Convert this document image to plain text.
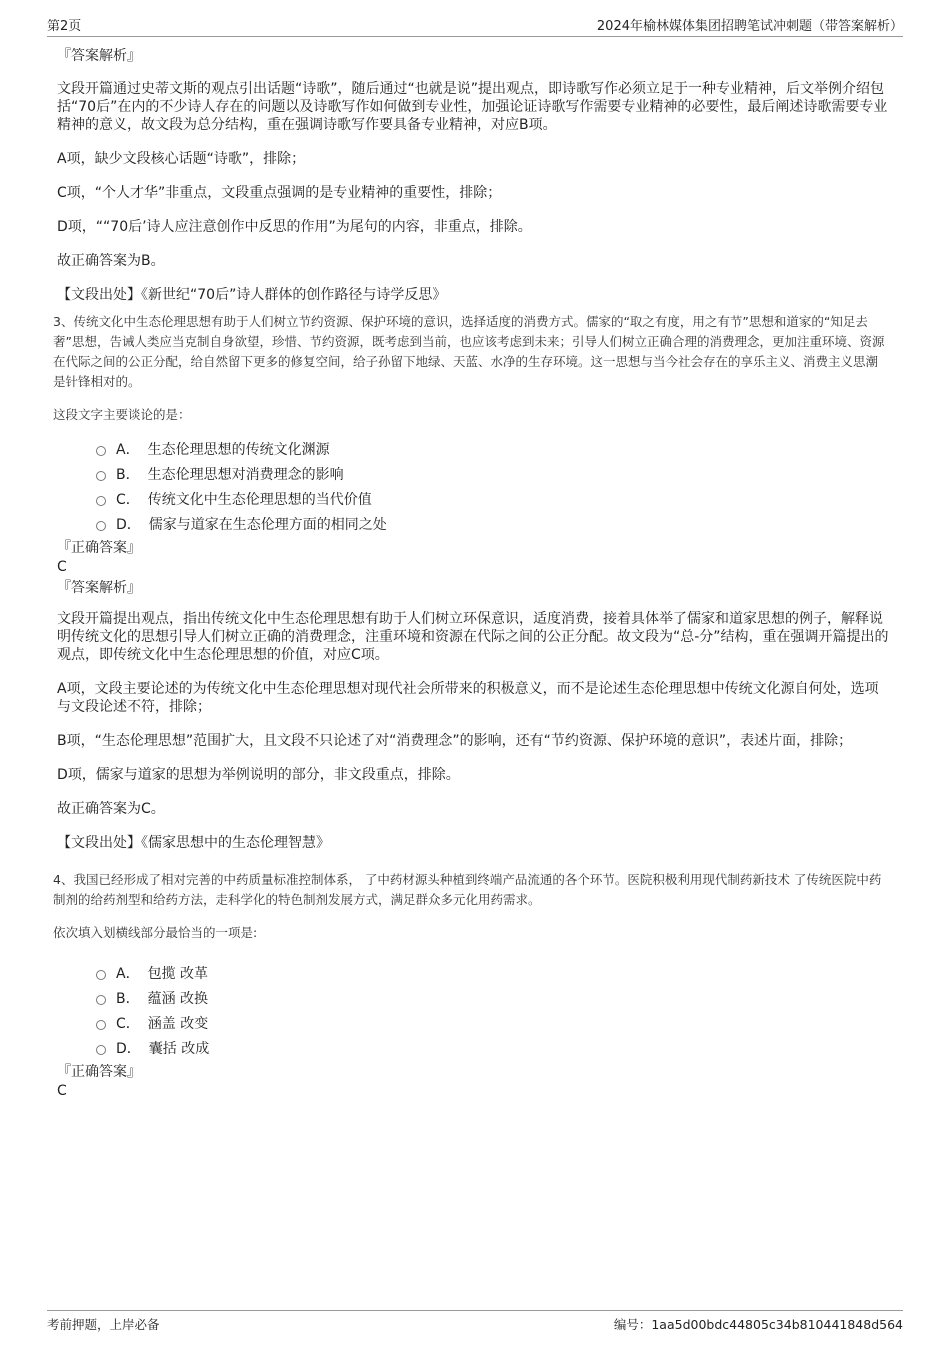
第2页	2024年榆林媒体集团招聘笔试冲刺题（带答案解析）

『答案解析』

文段开篇通过史蒂文斯的观点引出话题“诗歌”，随后通过“也就是说”提出观点，即诗歌写作必须立足于一种专业精神，后文举例介绍包括“70后”在内的不少诗人存在的问题以及诗歌写作如何做到专业性，加强论证诗歌写作需要专业精神的必要性，最后阐述诗歌需要专业精神的意义，故文段为总分结构，重在强调诗歌写作要具备专业精神，对应B项。

A项，缺少文段核心话题“诗歌”，排除；

C项，“个人才华”非重点，文段重点强调的是专业精神的重要性，排除；

D项，““70后’诗人应注意创作中反思的作用”为尾句的内容，非重点，排除。

故正确答案为B。

【文段出处】《新世纪“70后”诗人群体的创作路径与诗学反思》

3、传统文化中生态伦理思想有助于人们树立节约资源、保护环境的意识，选择适度的消费方式。儒家的“取之有度，用之有节”思想和道家的“知足去奢”思想，告诫人类应当克制自身欲望，珍惜、节约资源，既考虑到当前，也应该考虑到未来；引导人们树立正确合理的消费理念，更加注重环境、资源在代际之间的公正分配，给自然留下更多的修复空间，给子孙留下地绿、天蓝、水净的生存环境。这一思想与当今社会存在的享乐主义、消费主义思潮是针锋相对的。

这段文字主要谈论的是：

A． 生态伦理思想的传统文化渊源
B． 生态伦理思想对消费理念的影响
C． 传统文化中生态伦理思想的当代价值
D． 儒家与道家在生态伦理方面的相同之处

『正确答案』

C

『答案解析』

文段开篇提出观点，指出传统文化中生态伦理思想有助于人们树立环保意识，适度消费，接着具体举了儒家和道家思想的例子，解释说明传统文化的思想引导人们树立正确的消费理念，注重环境和资源在代际之间的公正分配。故文段为“总-分”结构，重在强调开篇提出的观点，即传统文化中生态伦理思想的价值，对应C项。

A项，文段主要论述的为传统文化中生态伦理思想对现代社会所带来的积极意义，而不是论述生态伦理思想中传统文化源自何处，选项与文段论述不符，排除；

B项，“生态伦理思想”范围扩大，且文段不只论述了对“消费理念”的影响，还有“节约资源、保护环境的意识”，表述片面，排除；

D项，儒家与道家的思想为举例说明的部分，非文段重点，排除。

故正确答案为C。

【文段出处】《儒家思想中的生态伦理智慧》

4、我国已经形成了相对完善的中药质量标准控制体系， 了中药材源头种植到终端产品流通的各个环节。医院积极利用现代制药新技术 了传统医院中药制剂的给药剂型和给药方法，走科学化的特色制剂发展方式，满足群众多元化用药需求。

依次填入划横线部分最恰当的一项是:

A． 包揽 改革
B． 蕴涵 改换
C． 涵盖 改变
D． 囊括 改成

『正确答案』

C

考前押题，上岸必备	编号：1aa5d00bdc44805c34b810441848d564
